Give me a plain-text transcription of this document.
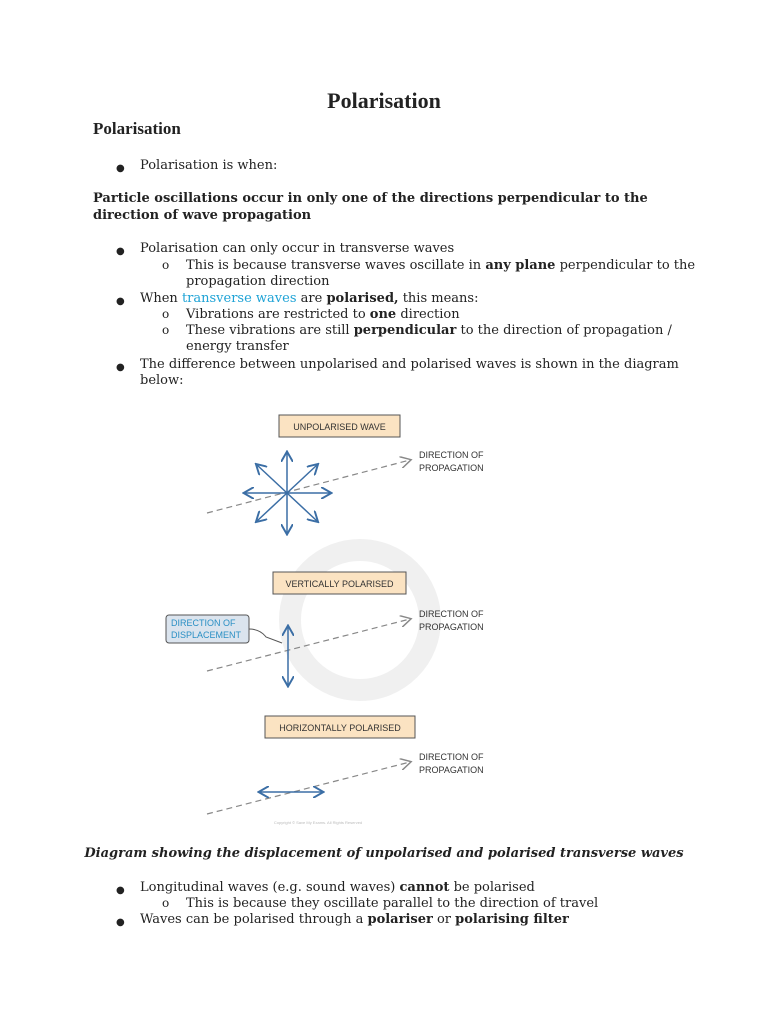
Polarisation
Polarisation
● Polarisation is when:
Particle oscillations occur in only one of the directions perpendicular to the direction of wave propagation
● Polarisation can only occur in transverse waves
o This is because transverse waves oscillate in any plane perpendicular to the
propagation direction
● When transverse waves are polarised, this means:
o Vibrations are restricted to one direction
o These vibrations are still perpendicular to the direction of propagation /
energy transfer
● The difference between unpolarised and polarised waves is shown in the diagram
below:
UNPOLARISED WAVE
DIRECTION OF
PROPAGATION
VERTICALLY POLARISED
DIRECTION OF
PROPAGATION
DIRECTION OF
DISPLACEMENT
HORIZONTALLY POLARISED
DIRECTION OF
PROPAGATION
Copyright © Save My Exams. All Rights Reserved
Diagram showing the displacement of unpolarised and polarised transverse waves
● Longitudinal waves (e.g. sound waves) cannot be polarised
o This is because they oscillate parallel to the direction of travel
● Waves can be polarised through a polariser or polarising filter
